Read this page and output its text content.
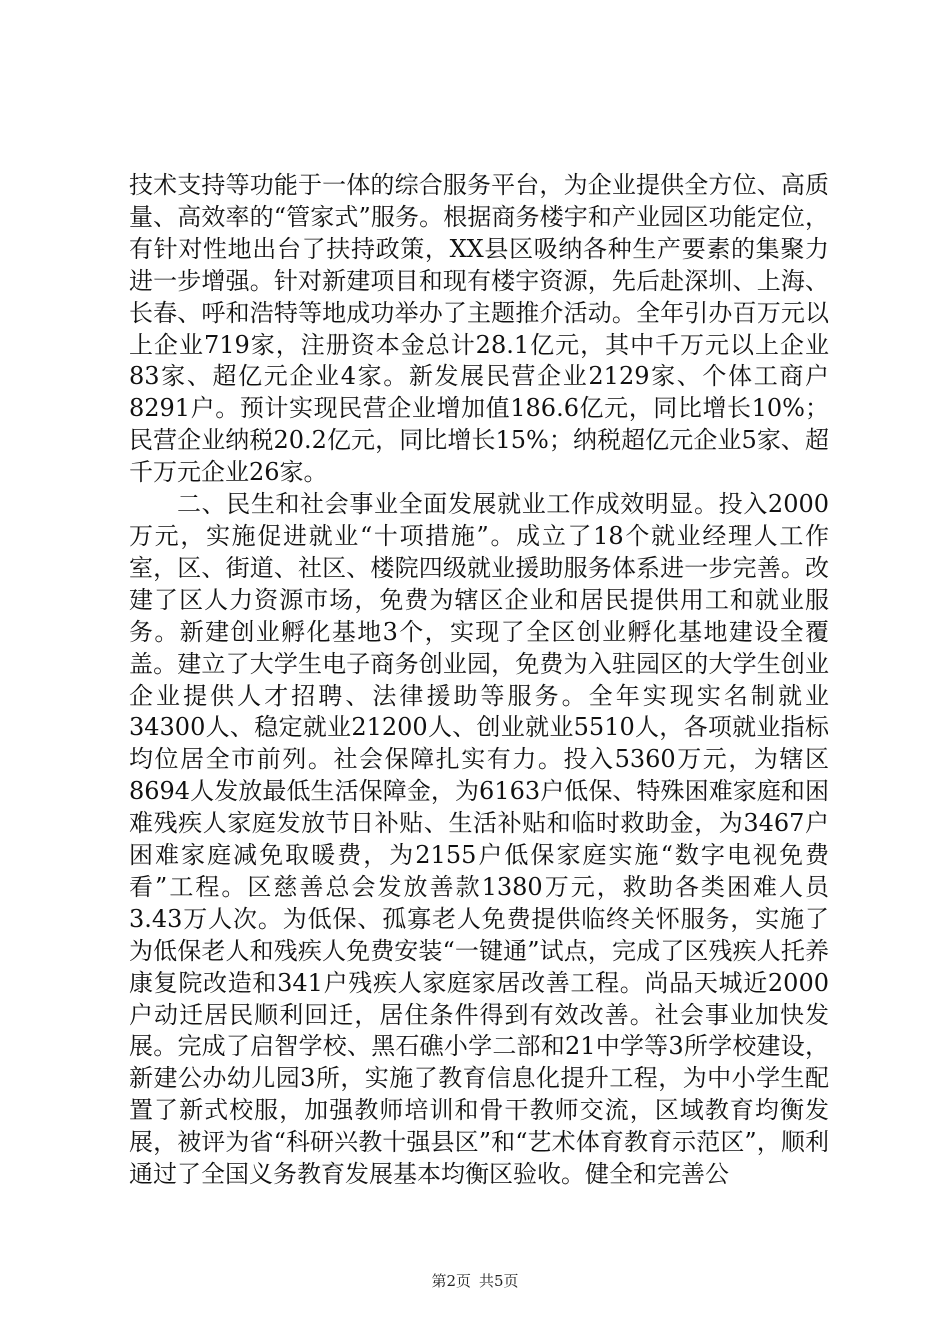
技术支持等功能于一体的综合服务平台，为企业提供全方位、高质量、高效率的“管家式”服务。根据商务楼宇和产业园区功能定位，有针对性地出台了扶持政策，XX县区吸纳各种生产要素的集聚力进一步增强。针对新建项目和现有楼宇资源，先后赴深圳、上海、长春、呼和浩特等地成功举办了主题推介活动。全年引办百万元以上企业719家，注册资本金总计28.1亿元，其中千万元以上企业83家、超亿元企业4家。新发展民营企业2129家、个体工商户8291户。预计实现民营企业增加值186.6亿元，同比增长10%；民营企业纳税20.2亿元，同比增长15%；纳税超亿元企业5家、超千万元企业26家。

二、民生和社会事业全面发展就业工作成效明显。投入2000万元，实施促进就业“十项措施”。成立了18个就业经理人工作室，区、街道、社区、楼院四级就业援助服务体系进一步完善。改建了区人力资源市场，免费为辖区企业和居民提供用工和就业服务。新建创业孵化基地3个，实现了全区创业孵化基地建设全覆盖。建立了大学生电子商务创业园，免费为入驻园区的大学生创业企业提供人才招聘、法律援助等服务。全年实现实名制就业34300人、稳定就业21200人、创业就业5510人，各项就业指标均位居全市前列。社会保障扎实有力。投入5360万元，为辖区8694人发放最低生活保障金，为6163户低保、特殊困难家庭和困难残疾人家庭发放节日补贴、生活补贴和临时救助金，为3467户困难家庭减免取暖费，为2155户低保家庭实施“数字电视免费看”工程。区慈善总会发放善款1380万元，救助各类困难人员3.43万人次。为低保、孤寡老人免费提供临终关怀服务，实施了为低保老人和残疾人免费安装“一键通”试点，完成了区残疾人托养康复院改造和341户残疾人家庭家居改善工程。尚品天城近2000户动迁居民顺利回迁，居住条件得到有效改善。社会事业加快发展。完成了启智学校、黑石礁小学二部和21中学等3所学校建设，新建公办幼儿园3所，实施了教育信息化提升工程，为中小学生配置了新式校服，加强教师培训和骨干教师交流，区域教育均衡发展，被评为省“科研兴教十强县区”和“艺术体育教育示范区”，顺利通过了全国义务教育发展基本均衡区验收。健全和完善公

第2页 共5页
